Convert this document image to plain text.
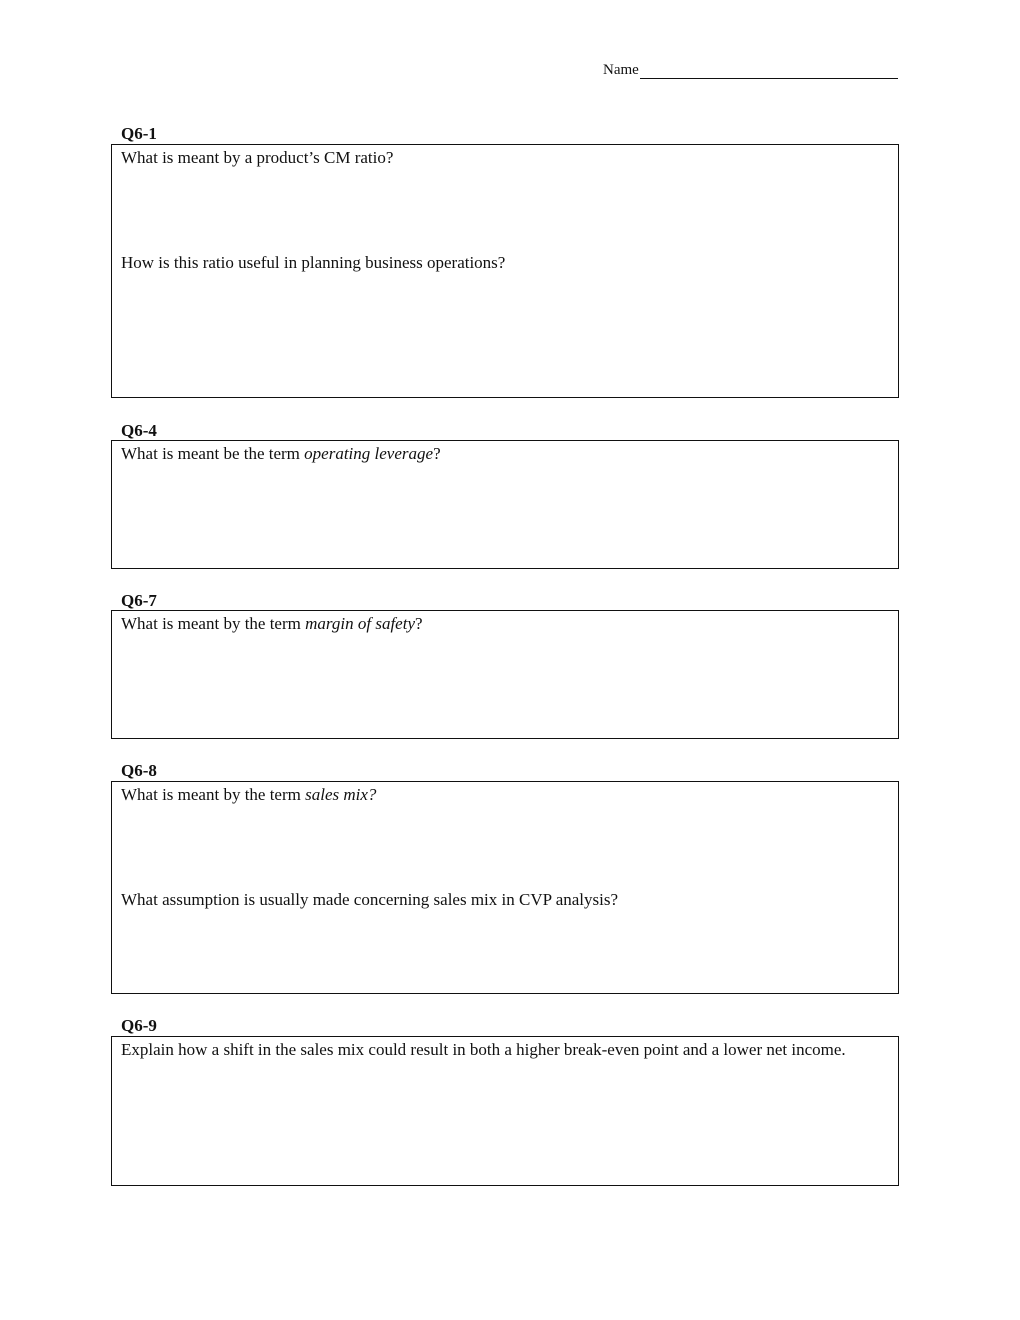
Name
Q6-1
What is meant by a product’s CM ratio?
How is this ratio useful in planning business operations?
Q6-4
What is meant be the term operating leverage?
Q6-7
What is meant by the term margin of safety?
Q6-8
What is meant by the term sales mix?
What assumption is usually made concerning sales mix in CVP analysis?
Q6-9
Explain how a shift in the sales mix could result in both a higher break-even point and a lower net income.
